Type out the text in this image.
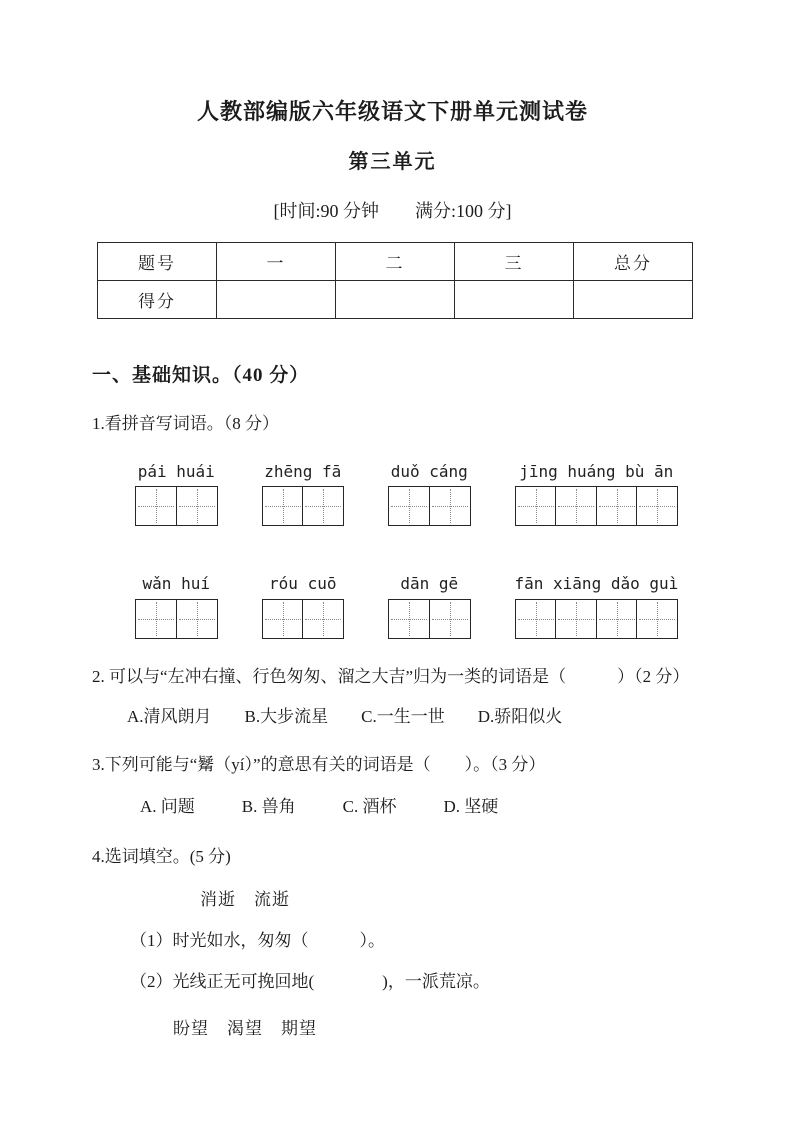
人教部编版六年级语文下册单元测试卷
第三单元
[时间:90 分钟　　满分:100 分]
题号	一	二	三	总分
得分				
一、基础知识。（40 分）
1.看拼音写词语。（8 分）
pái huái	zhēng fā	duǒ cáng	jīng huáng bù ān
wǎn huí	róu cuō	dān gē	fān xiāng dǎo guì
2. 可以与“左冲右撞、行色匆匆、溜之大吉”归为一类的词语是（　　　）（2 分）
A.清风朗月 B.大步流星 C.一生一世 D.骄阳似火
3.下列可能与“觺（yí）”的意思有关的词语是（　　）。（3 分）
A. 问题	B. 兽角	C. 酒杯	D. 坚硬
4.选词填空。(5 分)
消逝　流逝
（1）时光如水，匆匆（　　　）。
（2）光线正无可挽回地(　　　　)，一派荒凉。
盼望　渴望　期望
